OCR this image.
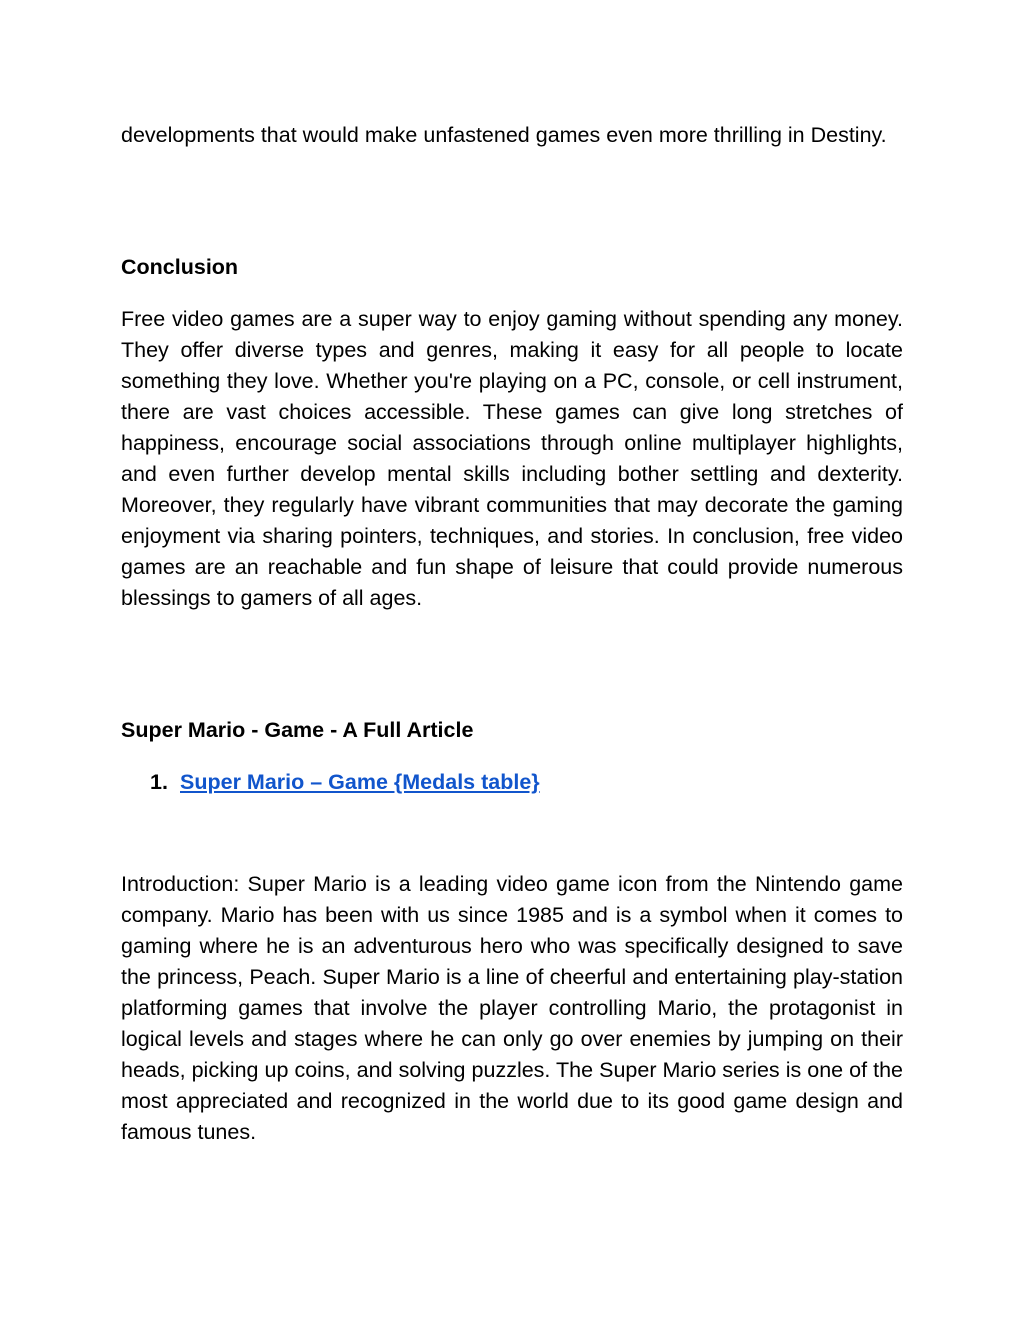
developments that would make unfastened games even more thrilling in Destiny.

Conclusion

Free video games are a super way to enjoy gaming without spending any money. They offer diverse types and genres, making it easy for all people to locate something they love. Whether you're playing on a PC, console, or cell instrument, there are vast choices accessible. These games can give long stretches of happiness, encourage social associations through online multiplayer highlights, and even further develop mental skills including bother settling and dexterity. Moreover, they regularly have vibrant communities that may decorate the gaming enjoyment via sharing pointers, techniques, and stories. In conclusion, free video games are an reachable and fun shape of leisure that could provide numerous blessings to gamers of all ages.

Super Mario - Game - A Full Article
1. Super Mario – Game {Medals table}

Introduction: Super Mario is a leading video game icon from the Nintendo game company. Mario has been with us since 1985 and is a symbol when it comes to gaming where he is an adventurous hero who was specifically designed to save the princess, Peach. Super Mario is a line of cheerful and entertaining play-station platforming games that involve the player controlling Mario, the protagonist in logical levels and stages where he can only go over enemies by jumping on their heads, picking up coins, and solving puzzles. The Super Mario series is one of the most appreciated and recognized in the world due to its good game design and famous tunes.
